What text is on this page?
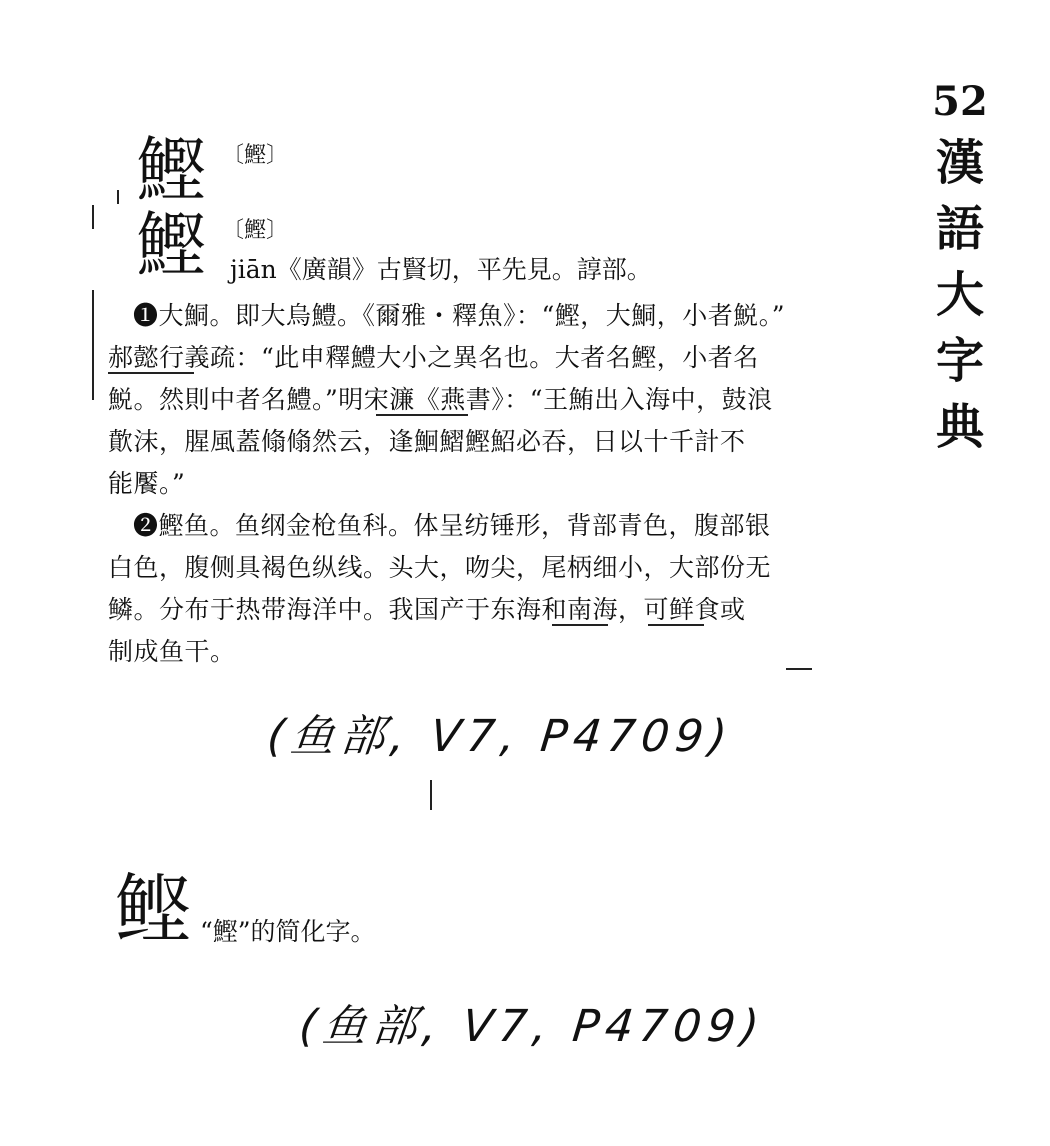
52
漢
語
大
字
典
鰹 〔鰹〕
鰹 〔鰹〕
jiān《廣韻》古賢切，平先見。諄部。
❶大鮦。即大烏鱧。《爾雅・釋魚》：“鰹，大鮦，小者鮵。”
郝懿行義疏：“此申釋鱧大小之異名也。大者名鰹，小者名
鮵。然則中者名鱧。”明宋濂《燕書》：“王鮪出入海中，鼓浪
歕沫，腥風蓋翛翛然云，逢鮰鰼鰹鮉必吞，日以十千計不
能饜。”
❷鰹鱼。鱼纲金枪鱼科。体呈纺锤形，背部青色，腹部银
白色，腹侧具褐色纵线。头大，吻尖，尾柄细小，大部份无
鳞。分布于热带海洋中。我国产于东海和南海，可鲜食或
制成鱼干。
(鱼部, V7, P4709)
鲣 “鰹”的简化字。
(鱼部, V7, P4709)
